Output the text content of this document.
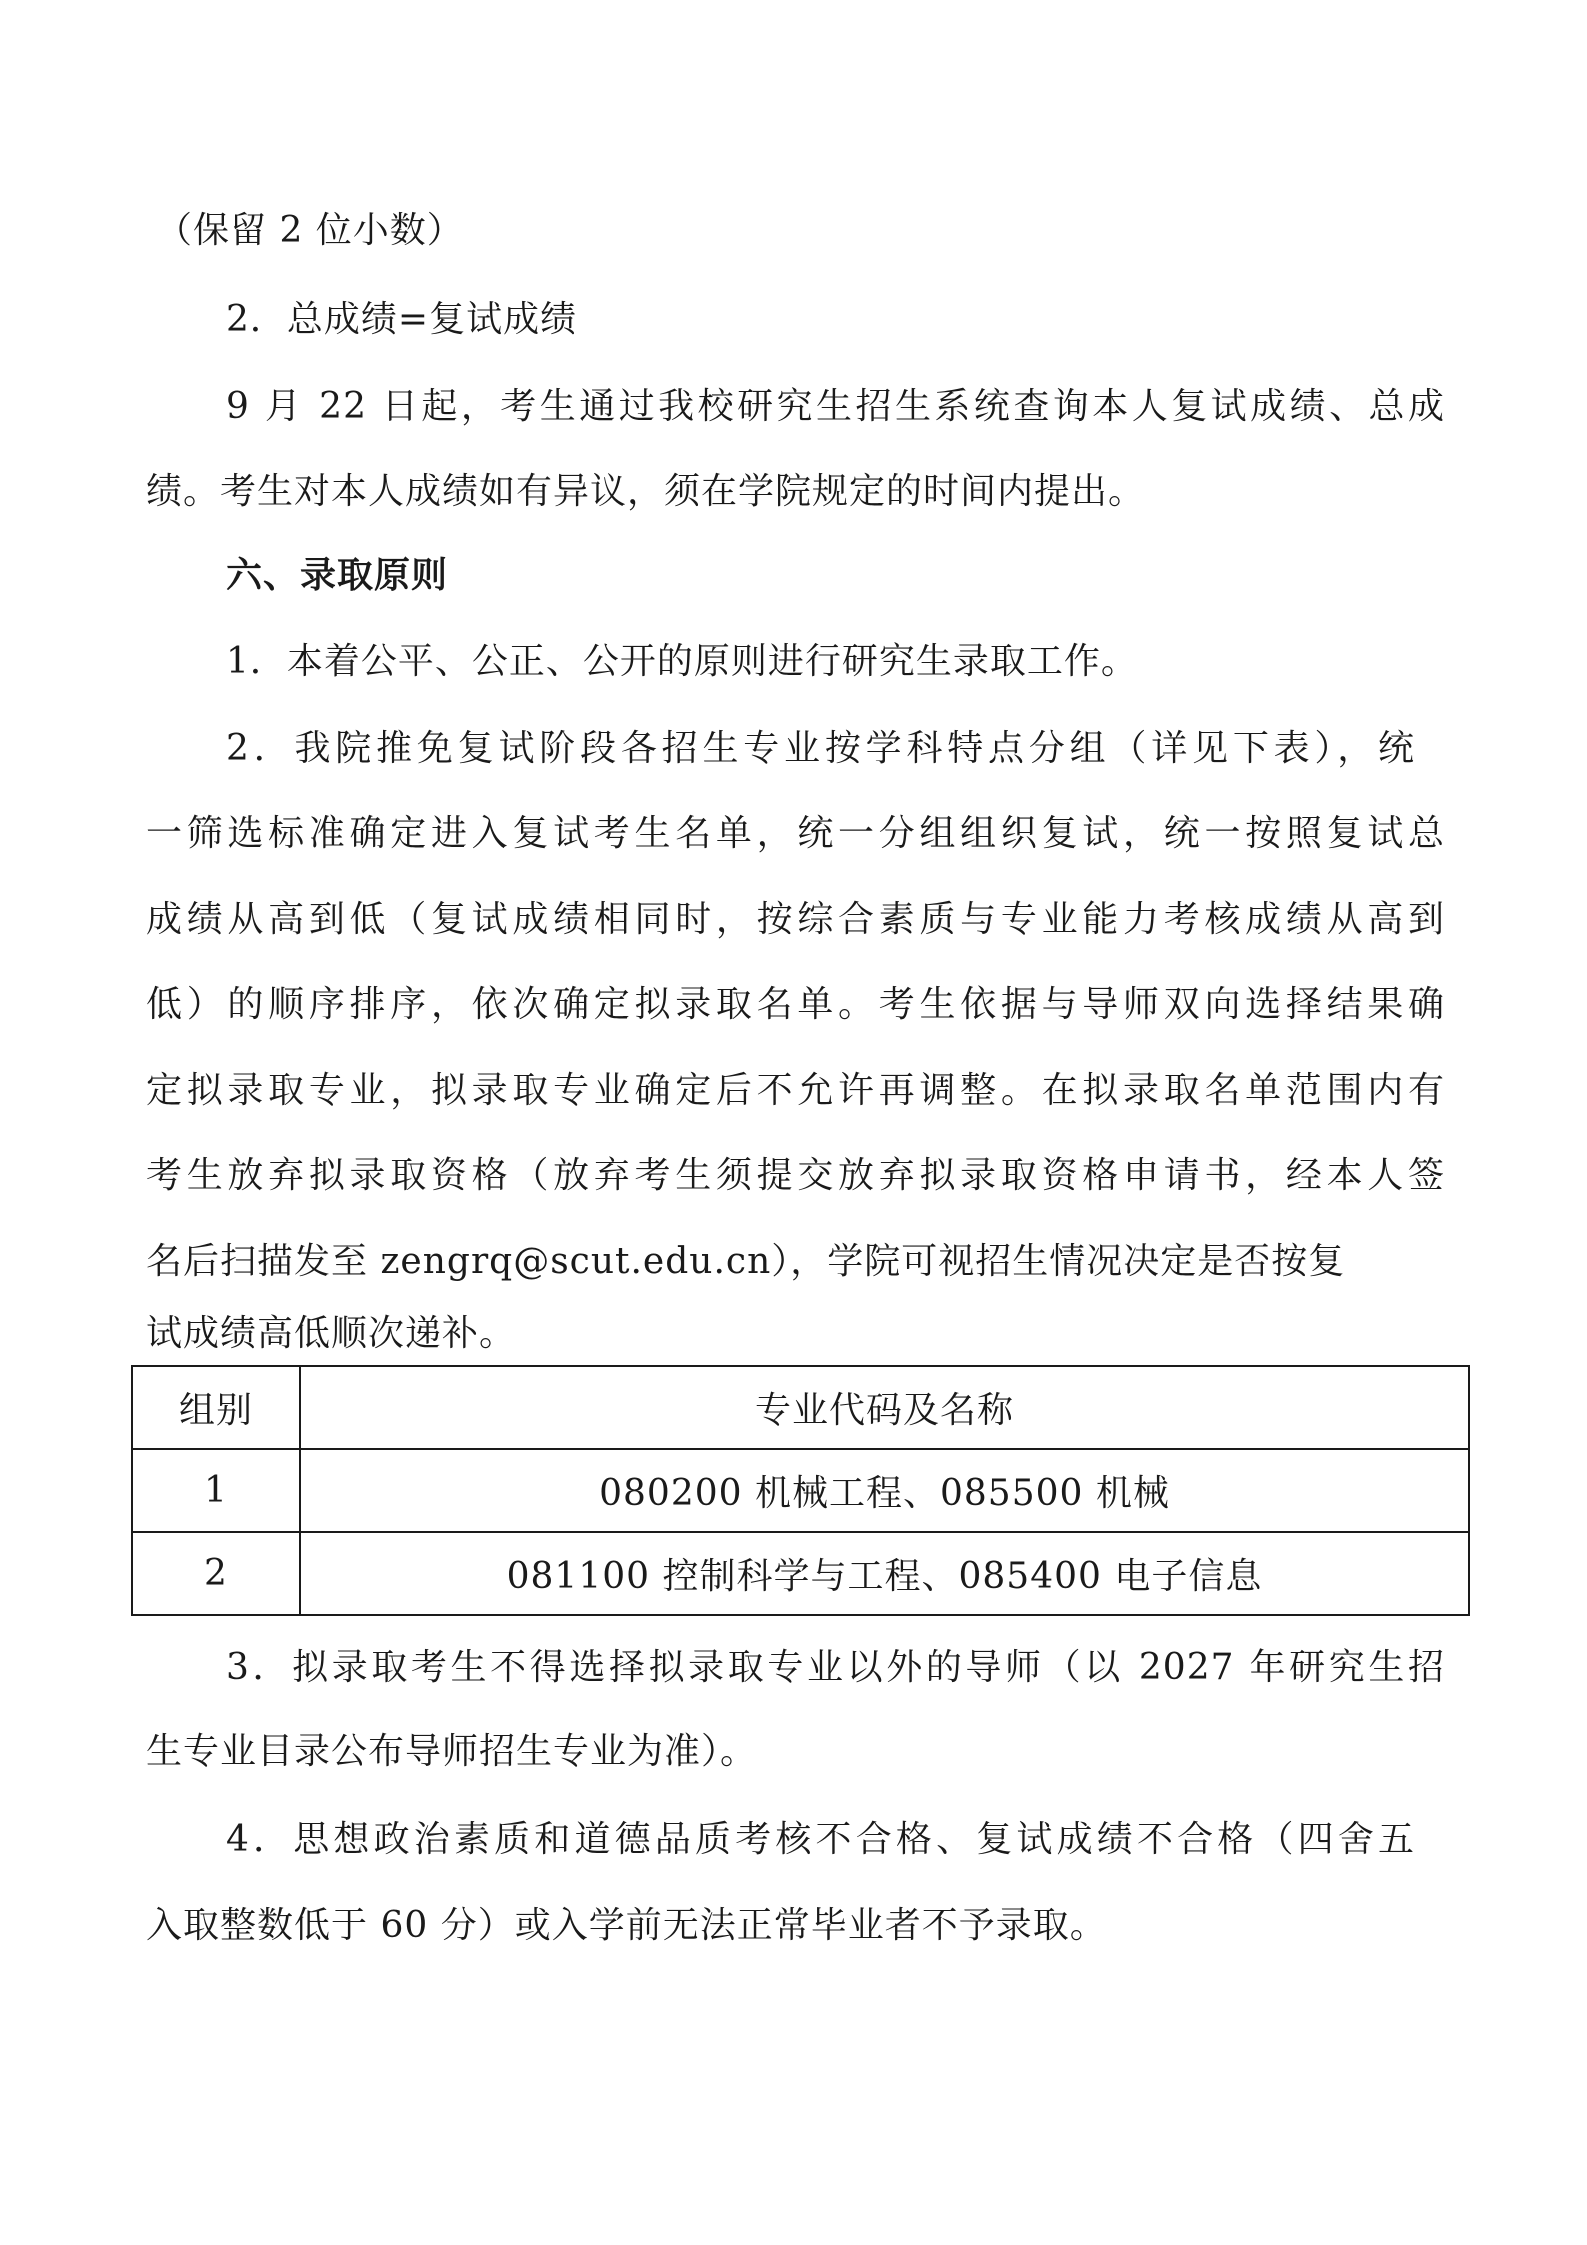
（保留 2 位小数）
2．总成绩=复试成绩
9 月 22 日起，考生通过我校研究生招生系统查询本人复试成绩、总成
绩。考生对本人成绩如有异议，须在学院规定的时间内提出。
六、录取原则
1．本着公平、公正、公开的原则进行研究生录取工作。
2．我院推免复试阶段各招生专业按学科特点分组（详见下表），统
一筛选标准确定进入复试考生名单，统一分组组织复试，统一按照复试总
成绩从高到低（复试成绩相同时，按综合素质与专业能力考核成绩从高到
低）的顺序排序，依次确定拟录取名单。考生依据与导师双向选择结果确
定拟录取专业，拟录取专业确定后不允许再调整。在拟录取名单范围内有
考生放弃拟录取资格（放弃考生须提交放弃拟录取资格申请书，经本人签
名后扫描发至 zengrq@scut.edu.cn），学院可视招生情况决定是否按复
试成绩高低顺次递补。
组别	专业代码及名称
1	080200 机械工程、085500 机械
2	081100 控制科学与工程、085400 电子信息
3．拟录取考生不得选择拟录取专业以外的导师（以 2027 年研究生招
生专业目录公布导师招生专业为准）。
4．思想政治素质和道德品质考核不合格、复试成绩不合格（四舍五
入取整数低于 60 分）或入学前无法正常毕业者不予录取。
